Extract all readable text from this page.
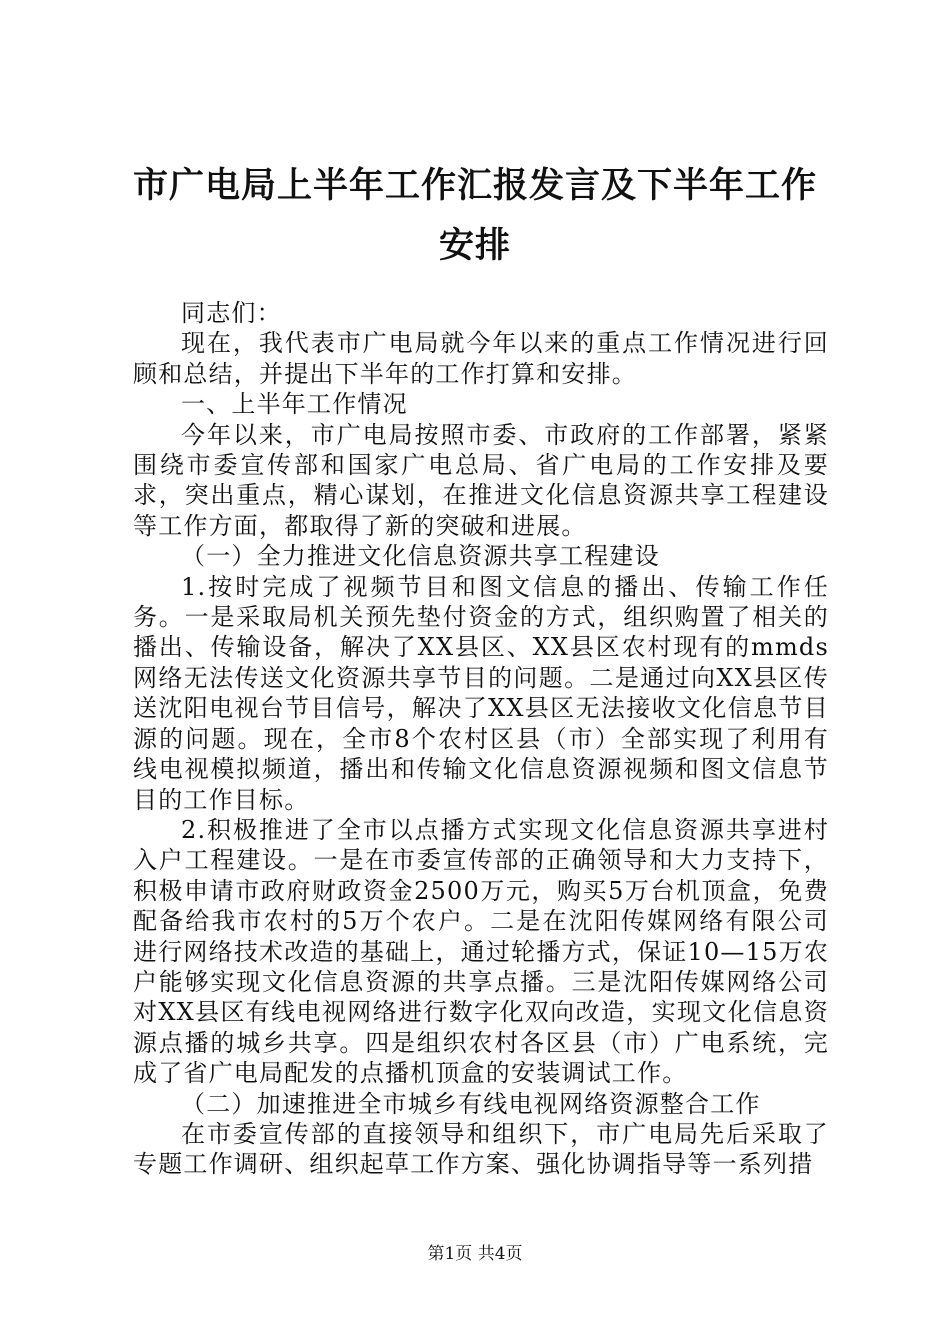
市广电局上半年工作汇报发言及下半年工作安排

同志们：

现在，我代表市广电局就今年以来的重点工作情况进行回顾和总结，并提出下半年的工作打算和安排。

一、上半年工作情况

今年以来，市广电局按照市委、市政府的工作部署，紧紧围绕市委宣传部和国家广电总局、省广电局的工作安排及要求，突出重点，精心谋划，在推进文化信息资源共享工程建设等工作方面，都取得了新的突破和进展。

（一）全力推进文化信息资源共享工程建设

1.按时完成了视频节目和图文信息的播出、传输工作任务。一是采取局机关预先垫付资金的方式，组织购置了相关的播出、传输设备，解决了XX县区、XX县区农村现有的mmds网络无法传送文化资源共享节目的问题。二是通过向XX县区传送沈阳电视台节目信号，解决了XX县区无法接收文化信息节目源的问题。现在，全市8个农村区县（市）全部实现了利用有线电视模拟频道，播出和传输文化信息资源视频和图文信息节目的工作目标。

2.积极推进了全市以点播方式实现文化信息资源共享进村入户工程建设。一是在市委宣传部的正确领导和大力支持下，积极申请市政府财政资金2500万元，购买5万台机顶盒，免费配备给我市农村的5万个农户。二是在沈阳传媒网络有限公司进行网络技术改造的基础上，通过轮播方式，保证10—15万农户能够实现文化信息资源的共享点播。三是沈阳传媒网络公司对XX县区有线电视网络进行数字化双向改造，实现文化信息资源点播的城乡共享。四是组织农村各区县（市）广电系统，完成了省广电局配发的点播机顶盒的安装调试工作。

（二）加速推进全市城乡有线电视网络资源整合工作

在市委宣传部的直接领导和组织下，市广电局先后采取了专题工作调研、组织起草工作方案、强化协调指导等一系列措

第1页 共4页
